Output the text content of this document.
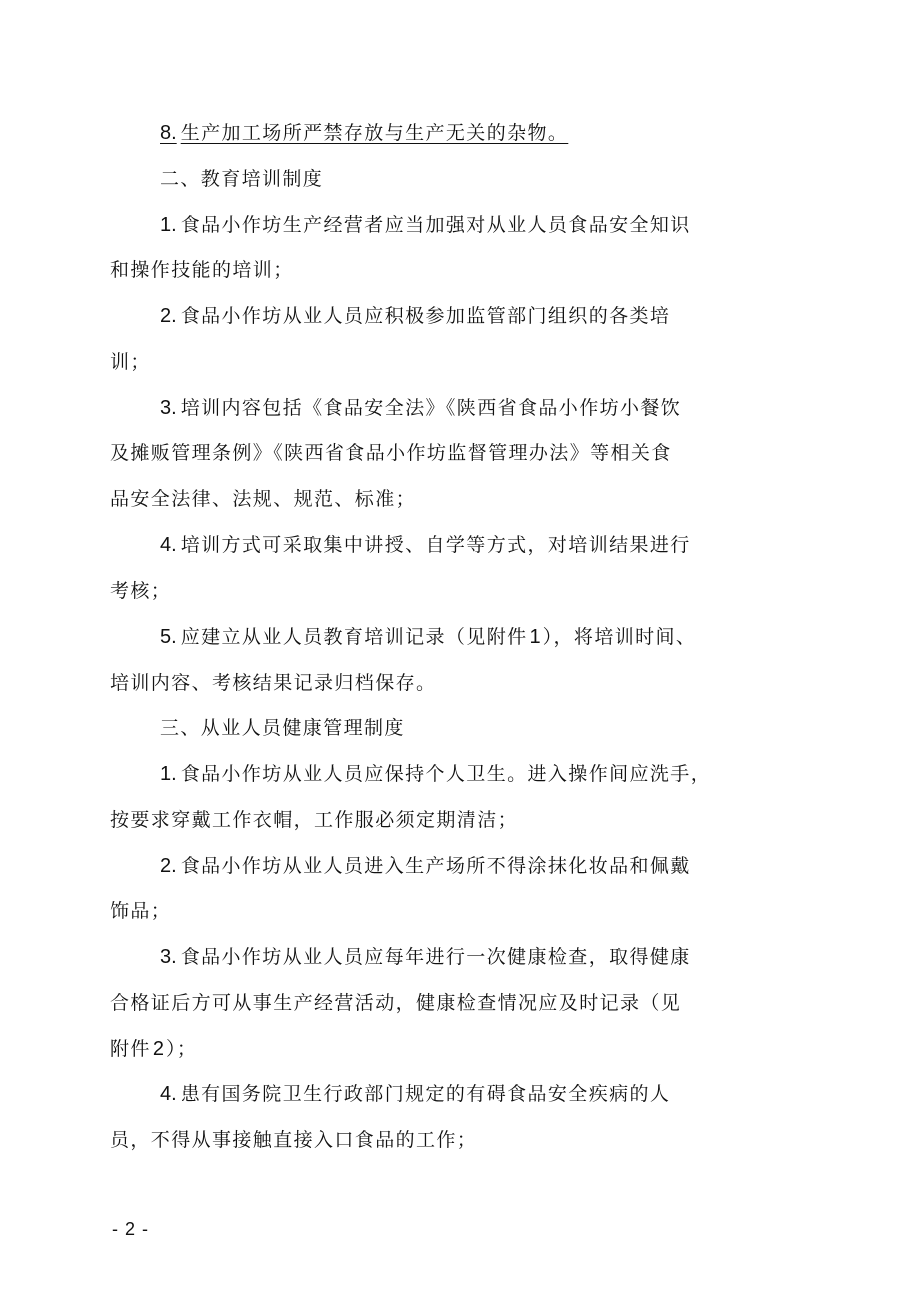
8. 生产加工场所严禁存放与生产无关的杂物。
二、教育培训制度
1. 食品小作坊生产经营者应当加强对从业人员食品安全知识
和操作技能的培训；
2. 食品小作坊从业人员应积极参加监管部门组织的各类培
训；
3. 培训内容包括《食品安全法》《陕西省食品小作坊小餐饮
及摊贩管理条例》《陕西省食品小作坊监督管理办法》等相关食
品安全法律、法规、规范、标准；
4. 培训方式可采取集中讲授、自学等方式，对培训结果进行
考核；
5. 应建立从业人员教育培训记录（见附件 1 ），将培训时间、
培训内容、考核结果记录归档保存。
三、从业人员健康管理制度
1. 食品小作坊从业人员应保持个人卫生。进入操作间应洗手，
按要求穿戴工作衣帽，工作服必须定期清洁；
2. 食品小作坊从业人员进入生产场所不得涂抹化妆品和佩戴
饰品；
3. 食品小作坊从业人员应每年进行一次健康检查，取得健康
合格证后方可从事生产经营活动，健康检查情况应及时记录（见
附件 2 ）；
4. 患有国务院卫生行政部门规定的有碍食品安全疾病的人
员，不得从事接触直接入口食品的工作；
- 2 -
